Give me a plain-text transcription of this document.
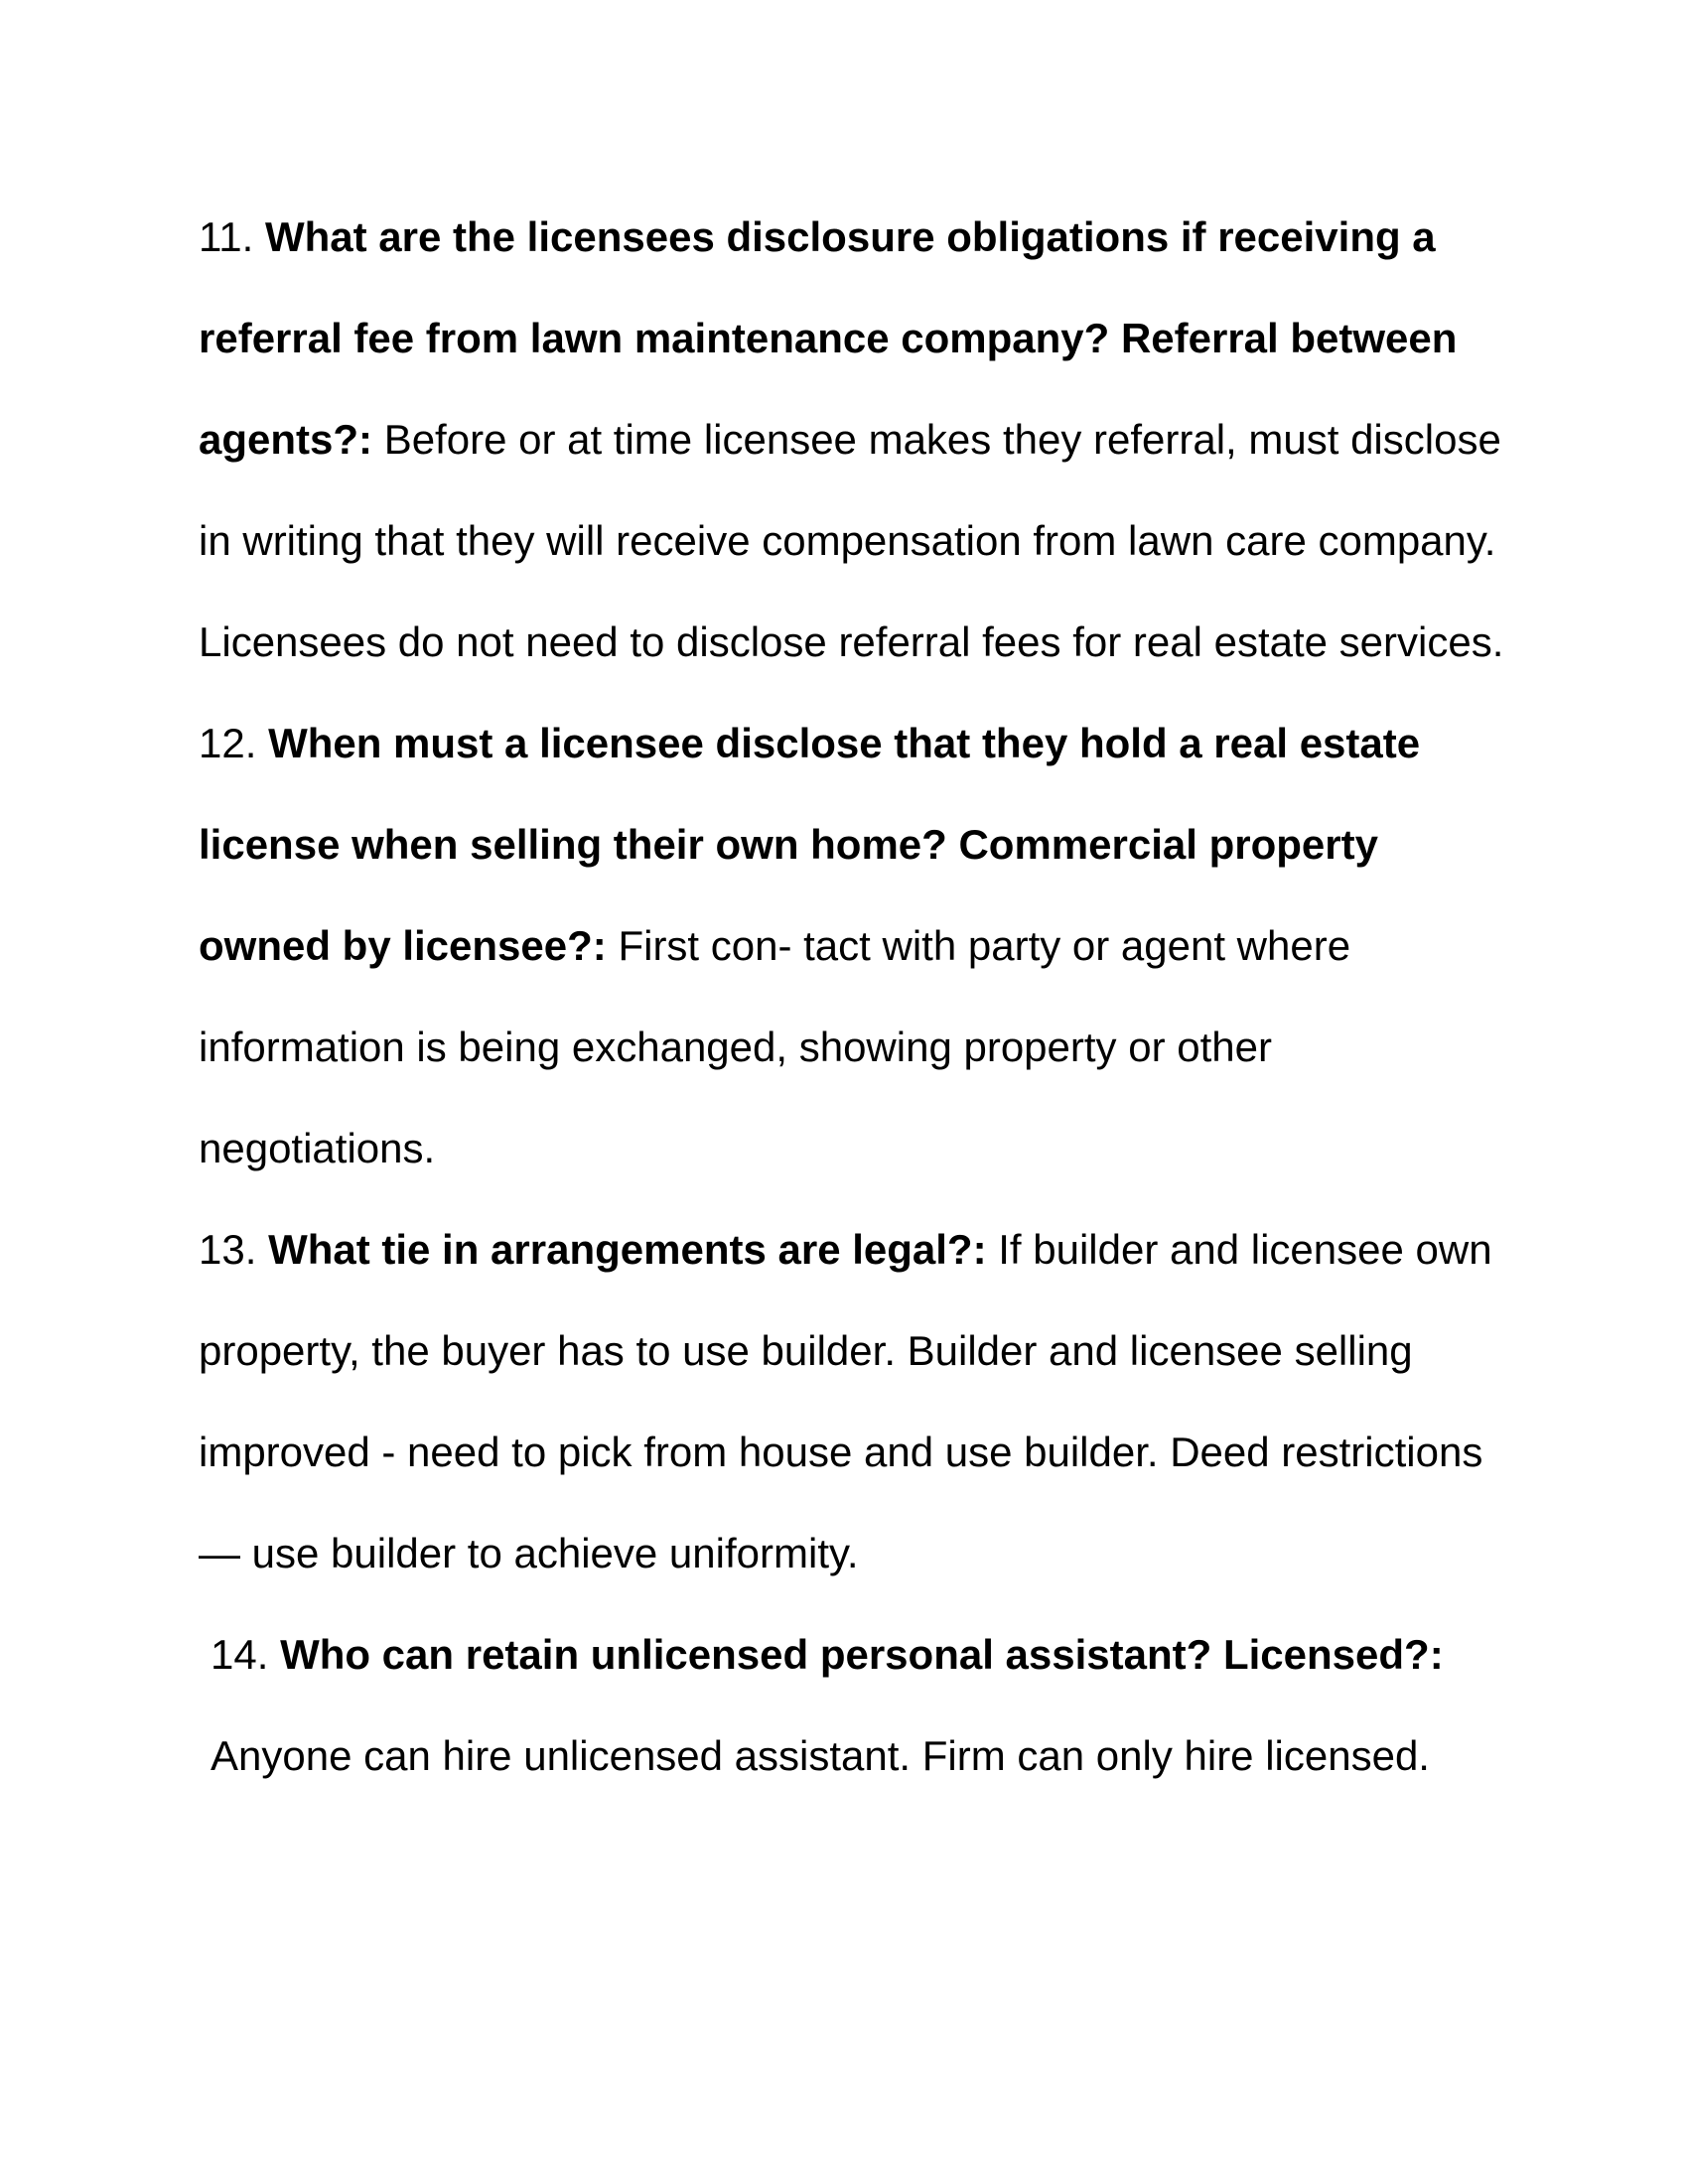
11. What are the licensees disclosure obligations if receiving a referral fee from lawn maintenance company? Referral between agents?: Before or at time licensee makes they referral, must disclose in writing that they will receive compensation from lawn care company. Licensees do not need to disclose referral fees for real estate services.

12. When must a licensee disclose that they hold a real estate license when selling their own home? Commercial property owned by licensee?: First con- tact with party or agent where information is being exchanged, showing property or other negotiations.

13. What tie in arrangements are legal?: If builder and licensee own property, the buyer has to use builder. Builder and licensee selling improved - need to pick from house and use builder. Deed restrictions — use builder to achieve uniformity.

14. Who can retain unlicensed personal assistant? Licensed?: Anyone can hire unlicensed assistant. Firm can only hire licensed.
